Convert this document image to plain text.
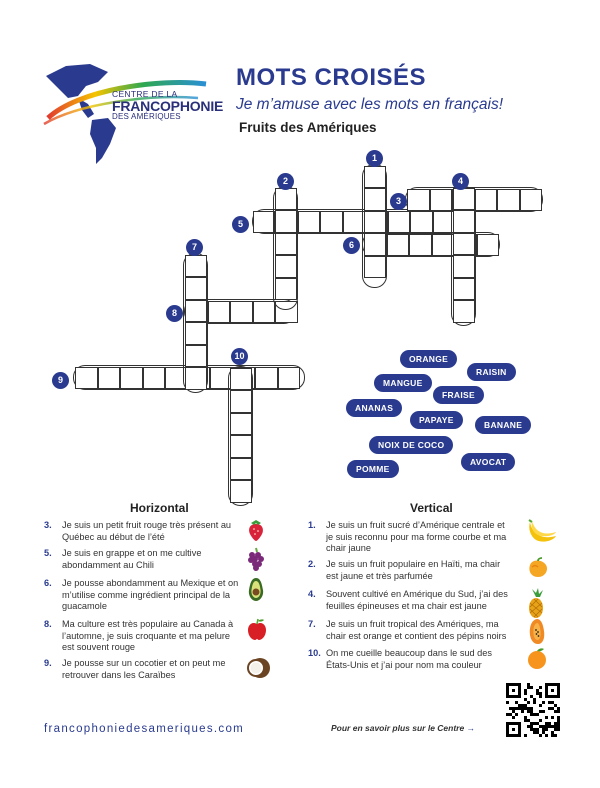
CENTRE DE LA
FRANCOPHONIE
DES AMÉRIQUES
MOTS CROISÉS
Je m’amuse avec les mots en français!
Fruits des Amériques
1
2
3
4
5
6
7
8
9
10	ORANGE
RAISIN
MANGUE
FRAISE
ANANAS
PAPAYE	BANANE
NOIX DE COCO
AVOCAT
POMME
Horizontal	Vertical
3. Je suis un petit fruit rouge très présent au Québec au début de l’été
5. Je suis en grappe et on me cultive abondamment au Chili
6. Je pousse abondamment au Mexique et on m’utilise comme ingrédient principal de la guacamole
8. Ma culture est très populaire au Canada à l’automne, je suis croquante et ma pelure est souvent rouge
9. Je pousse sur un cocotier et on peut me retrouver dans les Caraïbes
1. Je suis un fruit sucré d’Amérique centrale et je suis reconnu pour ma forme courbe et ma chair jaune
2. Je suis un fruit populaire en Haïti, ma chair est jaune et très parfumée
4. Souvent cultivé en Amérique du Sud, j’ai des feuilles épineuses et ma chair est jaune
7. Je suis un fruit tropical des Amériques, ma chair est orange et contient des pépins noirs
10. On me cueille beaucoup dans le sud des États-Unis et j’ai pour nom ma couleur
francophoniedesameriques.com	Pour en savoir plus sur le Centre →
